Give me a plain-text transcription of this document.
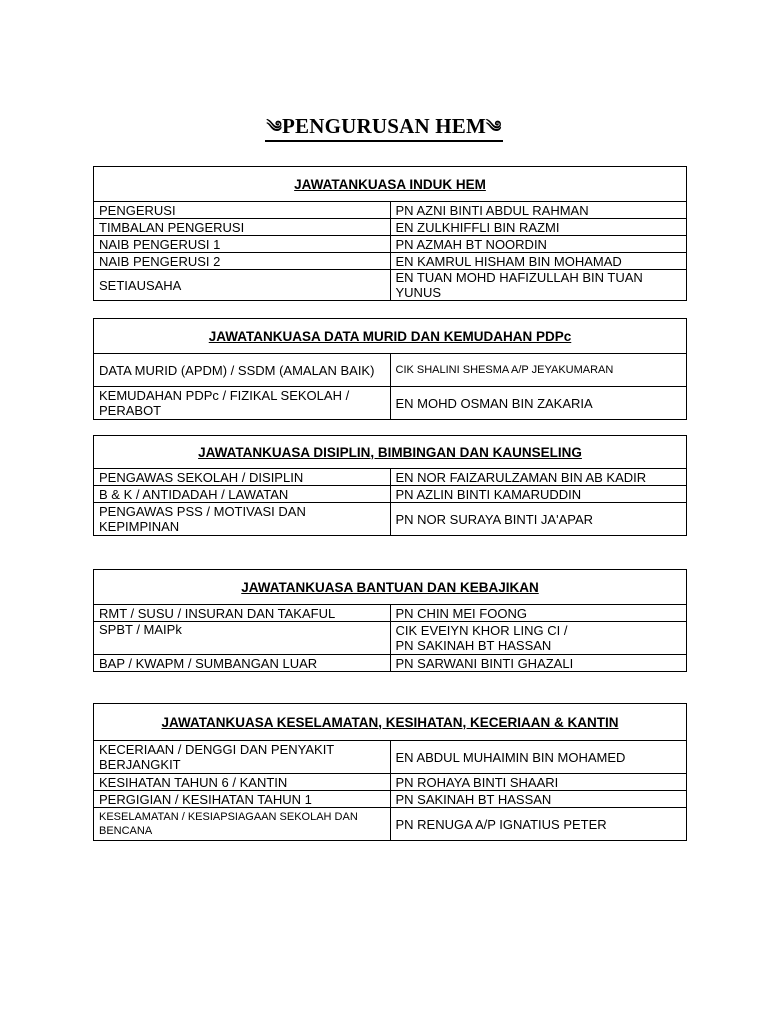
༄PENGURUSAN HEM༄
JAWATANKUASA INDUK HEM	
PENGERUSI	PN AZNI BINTI ABDUL RAHMAN
TIMBALAN PENGERUSI	EN ZULKHIFFLI BIN RAZMI
NAIB PENGERUSI 1	PN AZMAH BT NOORDIN
NAIB PENGERUSI 2	EN KAMRUL HISHAM BIN MOHAMAD
SETIAUSAHA	EN TUAN MOHD HAFIZULLAH BIN TUAN YUNUS
JAWATANKUASA DATA MURID DAN KEMUDAHAN PDPc	
DATA MURID (APDM) / SSDM (AMALAN BAIK)	CIK SHALINI SHESMA A/P JEYAKUMARAN
KEMUDAHAN PDPc / FIZIKAL SEKOLAH / PERABOT	EN MOHD OSMAN BIN ZAKARIA
JAWATANKUASA DISIPLIN, BIMBINGAN DAN KAUNSELING	
PENGAWAS SEKOLAH / DISIPLIN	EN NOR FAIZARULZAMAN BIN AB KADIR
B & K / ANTIDADAH / LAWATAN	PN AZLIN BINTI KAMARUDDIN
PENGAWAS PSS / MOTIVASI DAN KEPIMPINAN	PN NOR SURAYA BINTI JA'APAR
JAWATANKUASA BANTUAN DAN KEBAJIKAN	
RMT / SUSU / INSURAN DAN TAKAFUL	PN CHIN MEI FOONG
SPBT / MAIPk	CIK EVEIYN KHOR LING CI /
PN SAKINAH BT HASSAN

BAP / KWAPM / SUMBANGAN LUAR	PN SARWANI BINTI GHAZALI
JAWATANKUASA KESELAMATAN, KESIHATAN, KECERIAAN & KANTIN	
KECERIAAN / DENGGI DAN PENYAKIT BERJANGKIT	EN ABDUL MUHAIMIN BIN MOHAMED
KESIHATAN TAHUN 6 / KANTIN	PN ROHAYA BINTI SHAARI
PERGIGIAN / KESIHATAN TAHUN 1	PN SAKINAH BT HASSAN
KESELAMATAN / KESIAPSIAGAAN SEKOLAH DAN BENCANA	PN RENUGA A/P IGNATIUS PETER
